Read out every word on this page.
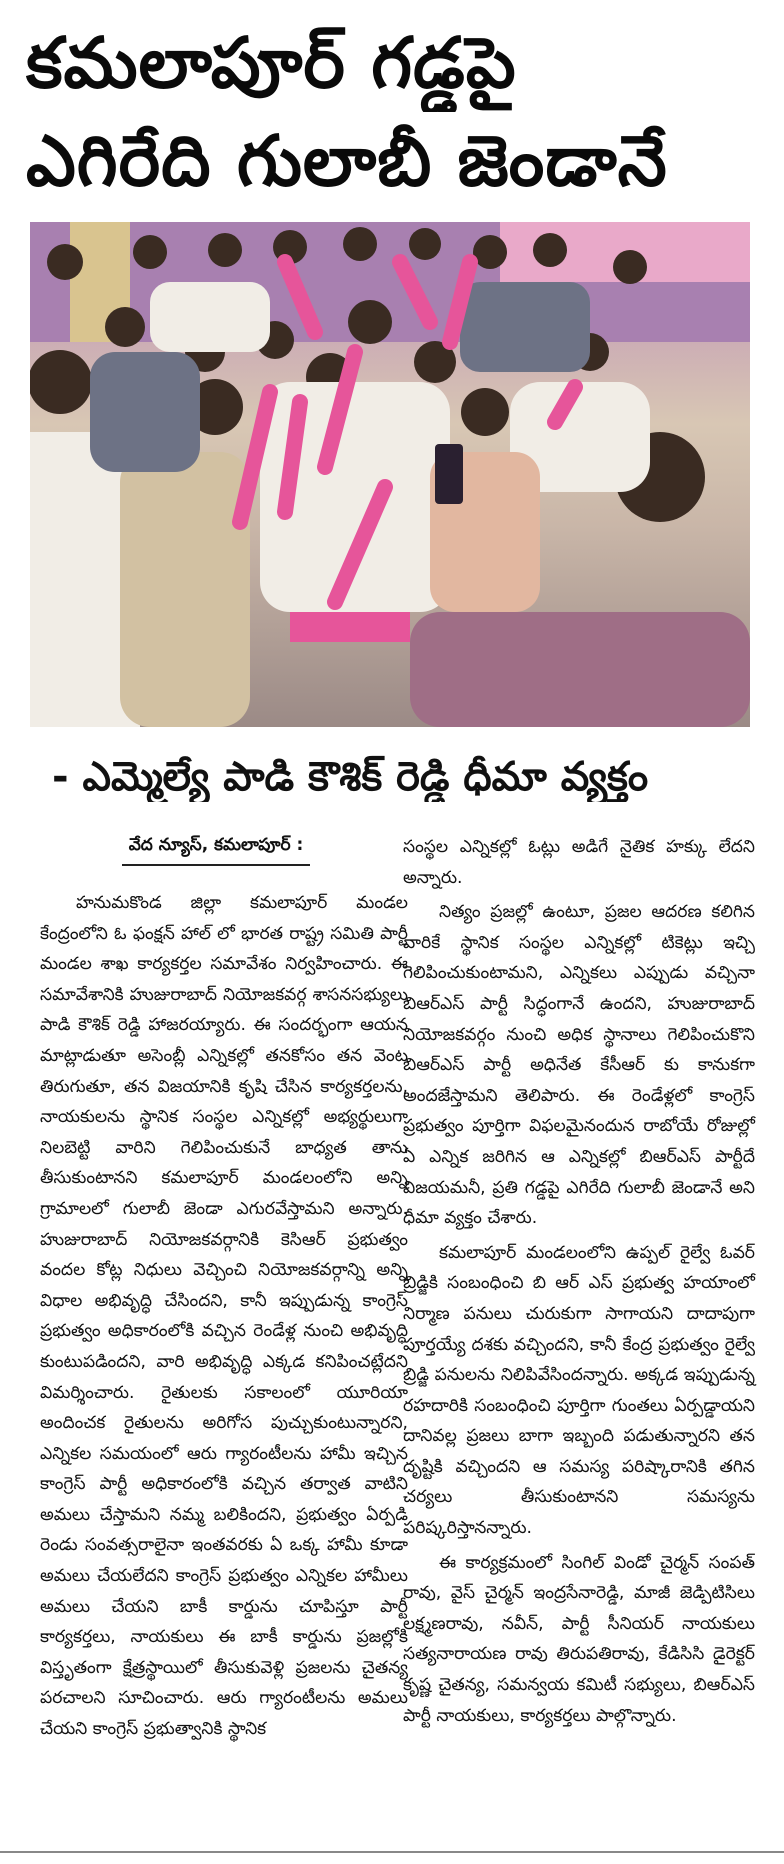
కమలాపూర్ గడ్డపై
ఎగిరేది గులాబీ జెండానే
- ఎమ్మెల్యే పాడి కౌశిక్ రెడ్డి ధీమా వ్యక్తం
వేద న్యూస్, కమలాపూర్ :

హనుమకొండ జిల్లా కమలాపూర్ మండల కేంద్రంలోని ఓ ఫంక్షన్ హాల్ లో భారత రాష్ట్ర సమితి పార్టీ మండల శాఖ కార్యకర్తల సమావేశం నిర్వహించారు. ఈ సమావేశానికి హుజురాబాద్ నియోజకవర్గ శాసనసభ్యులు పాడి కౌశిక్ రెడ్డి హాజరయ్యారు. ఈ సందర్భంగా ఆయన మాట్లాడుతూ అసెంబ్లీ ఎన్నికల్లో తనకోసం తన వెంట తిరుగుతూ, తన విజయానికి కృషి చేసిన కార్యకర్తలను, నాయకులను స్థానిక సంస్థల ఎన్నికల్లో అభ్యర్థులుగా నిలబెట్టి వారిని గెలిపించుకునే బాధ్యత తాను తీసుకుంటానని కమలాపూర్ మండలంలోని అన్ని గ్రామాలలో గులాబీ జెండా ఎగురవేస్తామని అన్నారు. హుజురాబాద్ నియోజకవర్గానికి కెసిఆర్ ప్రభుత్వం వందల కోట్ల నిధులు వెచ్చించి నియోజకవర్గాన్ని అన్ని విధాల అభివృద్ధి చేసిందని, కానీ ఇప్పుడున్న కాంగ్రెస్ ప్రభుత్వం అధికారంలోకి వచ్చిన రెండేళ్ల నుంచి అభివృద్ధి కుంటుపడిందని, వారి అభివృద్ధి ఎక్కడ కనిపించట్లేదని విమర్శించారు. రైతులకు సకాలంలో యూరియా అందించక రైతులను అరిగోస పుచ్చుకుంటున్నారని, ఎన్నికల సమయంలో ఆరు గ్యారంటీలను హామీ ఇచ్చిన కాంగ్రెస్ పార్టీ అధికారంలోకి వచ్చిన తర్వాత వాటిని అమలు చేస్తామని నమ్మ బలికిందని, ప్రభుత్వం ఏర్పడి రెండు సంవత్సరాలైనా ఇంతవరకు ఏ ఒక్క హామీ కూడా అమలు చేయలేదని కాంగ్రెస్ ప్రభుత్వం ఎన్నికల హామీలు అమలు చేయని బాకీ కార్డును చూపిస్తూ పార్టీ కార్యకర్తలు, నాయకులు ఈ బాకీ కార్డును ప్రజల్లోకి విస్తృతంగా క్షేత్రస్థాయిలో తీసుకువెళ్లి ప్రజలను చైతన్య పరచాలని సూచించారు. ఆరు గ్యారంటీలను అమలు చేయని కాంగ్రెస్ ప్రభుత్వానికి స్థానిక

సంస్థల ఎన్నికల్లో ఓట్లు అడిగే నైతిక హక్కు లేదని అన్నారు.

నిత్యం ప్రజల్లో ఉంటూ, ప్రజల ఆదరణ కలిగిన వారికే స్థానిక సంస్థల ఎన్నికల్లో టికెట్లు ఇచ్చి గెలిపించుకుంటామని, ఎన్నికలు ఎప్పుడు వచ్చినా బిఆర్ఎస్ పార్టీ సిద్ధంగానే ఉందని, హుజురాబాద్ నియోజకవర్గం నుంచి అధిక స్థానాలు గెలిపించుకొని బిఆర్ఎస్ పార్టీ అధినేత కేసీఆర్ కు కానుకగా అందజేస్తామని తెలిపారు. ఈ రెండేళ్లలో కాంగ్రెస్ ప్రభుత్వం పూర్తిగా విఫలమైనందున రాబోయే రోజుల్లో ఏ ఎన్నిక జరిగిన ఆ ఎన్నికల్లో బిఆర్ఎస్ పార్టీదే విజయమనీ, ప్రతి గడ్డపై ఎగిరేది గులాబీ జెండానే అని ధీమా వ్యక్తం చేశారు.

కమలాపూర్ మండలంలోని ఉప్పల్ రైల్వే ఓవర్ బ్రిడ్జికి సంబంధించి బి ఆర్ ఎస్ ప్రభుత్వ హయాంలో నిర్మాణ పనులు చురుకుగా సాగాయని దాదాపుగా పూర్తయ్యే దశకు వచ్చిందని, కానీ కేంద్ర ప్రభుత్వం రైల్వే బ్రిడ్జి పనులను నిలిపివేసిందన్నారు. అక్కడ ఇప్పుడున్న రహదారికి సంబంధించి పూర్తిగా గుంతలు ఏర్పడ్డాయని దానివల్ల ప్రజలు బాగా ఇబ్బంది పడుతున్నారని తన దృష్టికి వచ్చిందని ఆ సమస్య పరిష్కారానికి తగిన చర్యలు తీసుకుంటానని సమస్యను పరిష్కరిస్తానన్నారు.

ఈ కార్యక్రమంలో సింగిల్ విండో చైర్మన్ సంపత్ రావు, వైస్ చైర్మన్ ఇంద్రసేనారెడ్డి, మాజీ జెడ్పిటిసిలు లక్ష్మణరావు, నవీన్, పార్టీ సీనియర్ నాయకులు సత్యనారాయణ రావు తిరుపతిరావు, కేడిసిసి డైరెక్టర్ కృష్ణ చైతన్య, సమన్వయ కమిటీ సభ్యులు, బిఆర్ఎస్ పార్టీ నాయకులు, కార్యకర్తలు పాల్గొన్నారు.
